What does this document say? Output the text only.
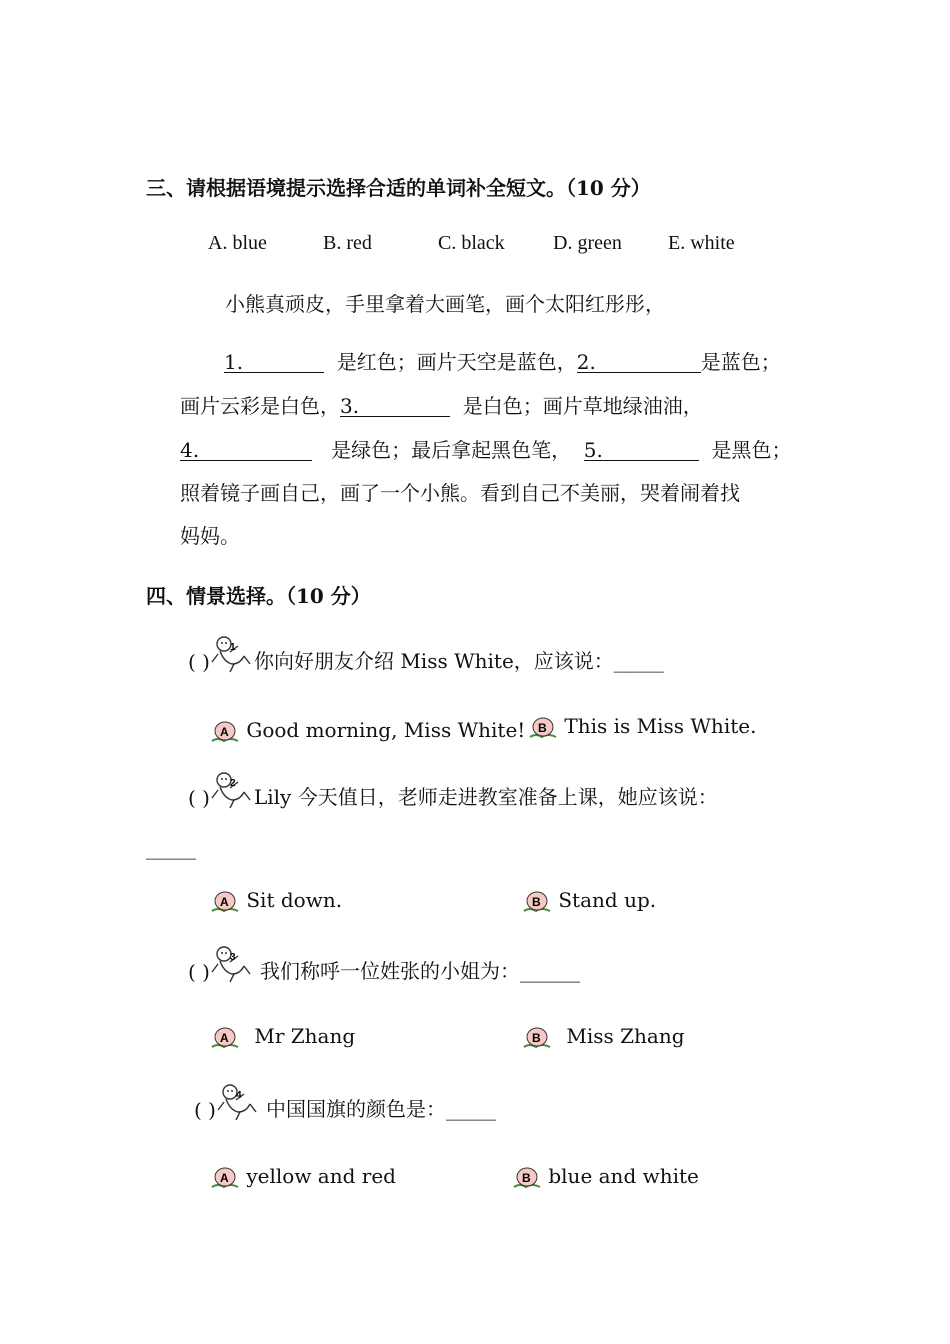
三、请根据语境提示选择合适的单词补全短文。（10 分）
A. blue	B. red	C. black D. green E. white
小熊真顽皮，手里拿着大画笔，画个太阳红彤彤，
1.	是红色；画片天空是蓝色，2.	是蓝色；
画片云彩是白色，3.	是白色；画片草地绿油油，
4.	是绿色；最后拿起黑色笔， 5.	是黑色；
照着镜子画自己，画了一个小熊。看到自己不美丽，哭着闹着找
妈妈。
四、情景选择。（10 分）
( )
1
你向好朋友介绍 Miss White，应该说：_____
A Good morning, Miss White! B This is Miss White.
( )
2
Lily 今天值日，老师走进教室准备上课，她应该说：
_____
A Sit down.	B Stand up.
( )
3
我们称呼一位姓张的小姐为：______
A Mr Zhang	B Miss Zhang
( )
4
中国国旗的颜色是：_____
A yellow and red	B blue and white
